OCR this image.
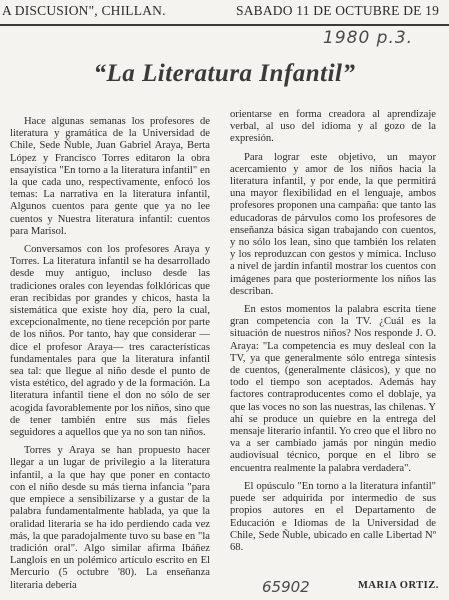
A DISCUSION", CHILLAN.	SABADO 11 DE OCTUBRE DE 19
1980 p.3.
“La Literatura Infantil”

Hace algunas semanas los profesores de literatura y gramática de la Universidad de Chile, Sede Ñuble, Juan Gabriel Araya, Berta López y Francisco Torres editaron la obra ensayística "En torno a la literatura infantil" en la que cada uno, respectivamente, enfocó los temas: La narrativa en la literatura infantil, Algunos cuentos para gente que ya no lee cuentos y Nuestra literatura infantil: cuentos para Marisol.

Conversamos con los profesores Araya y Torres. La literatura infantil se ha desarrollado desde muy antiguo, incluso desde las tradiciones orales con leyendas folklóricas que eran recibidas por grandes y chicos, hasta la sistemática que existe hoy día, pero la cual, excepcionalmente, no tiene recepción por parte de los niños. Por tanto, hay que considerar —dice el profesor Araya— tres características fundamentales para que la literatura infantil sea tal: que llegue al niño desde el punto de vista estético, del agrado y de la formación. La literatura infantil tiene el don no sólo de ser acogida favorablemente por los niños, sino que de tener también entre sus más fieles seguidores a aquellos que ya no son tan niños.

Torres y Araya se han propuesto hacer llegar a un lugar de privilegio a la literatura infantil, a la que hay que poner en contacto con el niño desde su más tierna infancia "para que empiece a sensibilizarse y a gustar de la palabra fundamentalmente hablada, ya que la oralidad literaria se ha ido perdiendo cada vez más, la que paradojalmente tuvo su base en "la tradición oral". Algo similar afirma Ibáñez Langlois en un polémico artículo escrito en El Mercurio (5 octubre '80). La enseñanza literaria debería

orientarse en forma creadora al aprendizaje verbal, al uso del idioma y al gozo de la expresión.

Para lograr este objetivo, un mayor acercamiento y amor de los niños hacia la literatura infantil, y por ende, la que permitirá una mayor flexibilidad en el lenguaje, ambos profesores proponen una campaña: que tanto las educadoras de párvulos como los profesores de enseñanza básica sigan trabajando con cuentos, y no sólo los lean, sino que también los relaten y los reproduzcan con gestos y mímica. Incluso a nivel de jardín infantil mostrar los cuentos con imágenes para que posteriormente los niños las describan.

En estos momentos la palabra escrita tiene gran competencia con la TV. ¿Cuál es la situación de nuestros niños? Nos responde J. O. Araya: "La competencia es muy desleal con la TV, ya que generalmente sólo entrega síntesis de cuentos, (generalmente clásicos), y que no todo el tiempo son aceptados. Además hay factores contraproducentes como el doblaje, ya que las voces no son las nuestras, las chilenas. Y ahí se produce un quiebre en la entrega del mensaje literario infantil. Yo creo que el libro no va a ser cambiado jamás por ningún medio audiovisual técnico, porque en el libro se encuentra realmente la palabra verdadera".

El opúsculo "En torno a la literatura infantil" puede ser adquirida por intermedio de sus propios autores en el Departamento de Educación e Idiomas de la Universidad de Chile, Sede Ñuble, ubicado en calle Libertad Nº 68.

65902	MARIA ORTIZ.
